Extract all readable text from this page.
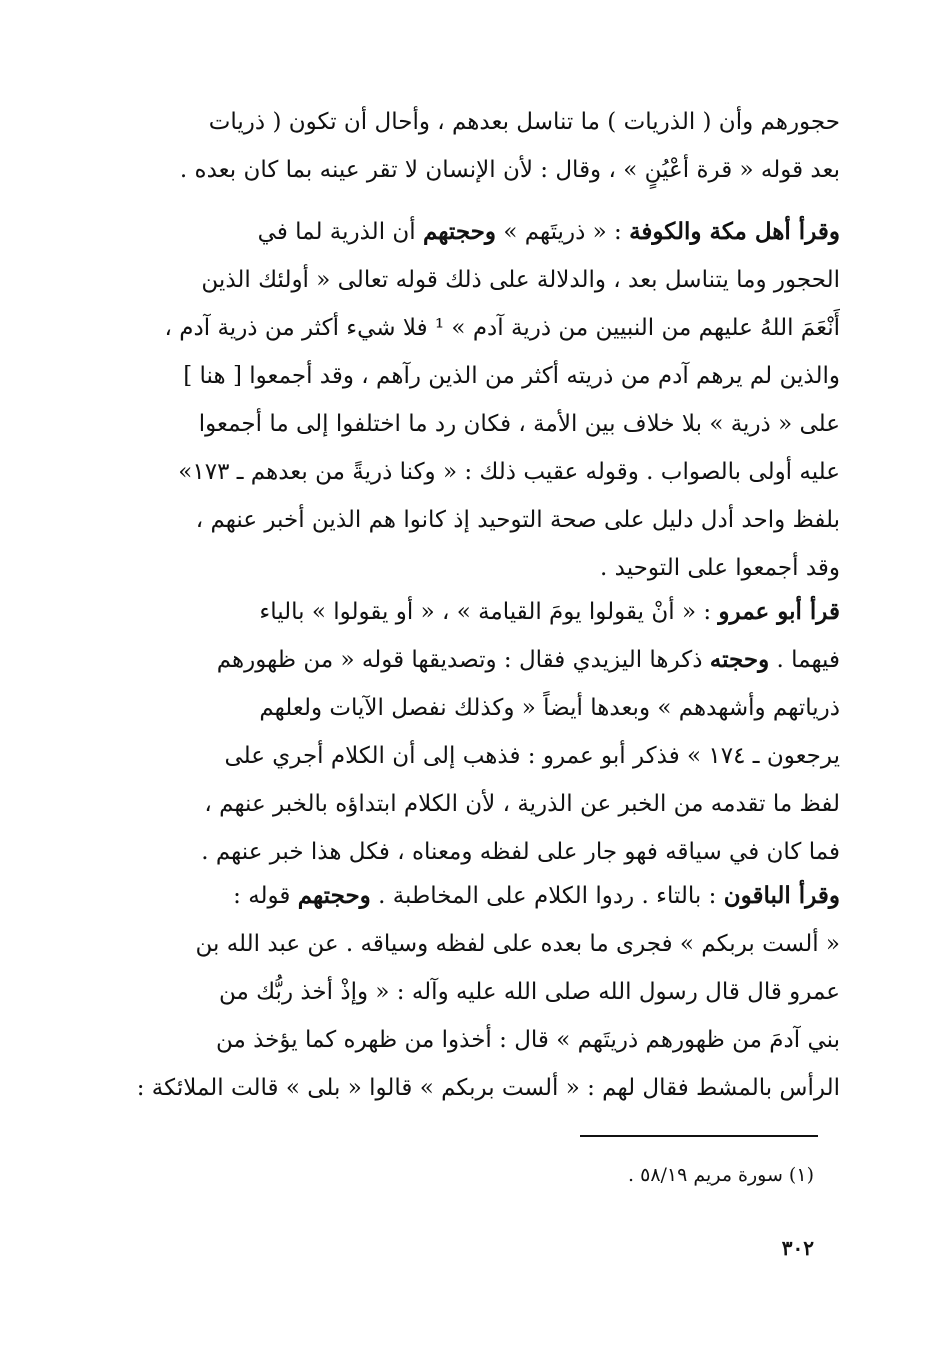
حجورهم وأن ( الذريات ) ما تناسل بعدهم ، وأحال أن تكون ( ذريات
بعد قوله « قرة أعْيُنٍ » ، وقال : لأن الإنسان لا تقر عينه بما كان بعده .
وقرأ أهل مكة والكوفة : « ذريتَهم » وحجتهم أن الذرية لما في
الحجور وما يتناسل بعد ، والدلالة على ذلك قوله تعالى « أولئك الذين
أَنْعَمَ اللهُ عليهم من النبيين من ذرية آدم » ¹ فلا شيء أكثر من ذرية آدم ،
والذين لم يرهم آدم من ذريته أكثر من الذين رآهم ، وقد أجمعوا [ هنا ]
على « ذرية » بلا خلاف بين الأمة ، فكان رد ما اختلفوا إلى ما أجمعوا
عليه أولى بالصواب . وقوله عقيب ذلك : « وكنا ذريةً من بعدهم ـ ١٧٣»
بلفظ واحد أدل دليل على صحة التوحيد إذ كانوا هم الذين أخبر عنهم ،
وقد أجمعوا على التوحيد .
قرأ أبو عمرو : « أنْ يقولوا يومَ القيامة » ، « أو يقولوا » بالياء
فيهما . وحجته ذكرها اليزيدي فقال : وتصديقها قوله « من ظهورهم
ذرياتهم وأشهدهم » وبعدها أيضاً « وكذلك نفصل الآيات ولعلهم
يرجعون ـ ١٧٤ » فذكر أبو عمرو : فذهب إلى أن الكلام أجري على
لفظ ما تقدمه من الخبر عن الذرية ، لأن الكلام ابتداؤه بالخبر عنهم ،
فما كان في سياقه فهو جار على لفظه ومعناه ، فكل هذا خبر عنهم .
وقرأ الباقون : بالتاء . ردوا الكلام على المخاطبة . وحجتهم قوله :
« ألست بربكم » فجرى ما بعده على لفظه وسياقه . عن عبد الله بن
عمرو قال قال رسول الله صلى الله عليه وآله : « وإذْ أخذ ربُّك من
بني آدمَ من ظهورهم ذريتَهم » قال : أخذوا من ظهره كما يؤخذ من
الرأس بالمشط فقال لهم : « ألست بربكم » قالوا « بلى » قالت الملائكة :
(١) سورة مريم ٥٨/١٩ .
٣٠٢
